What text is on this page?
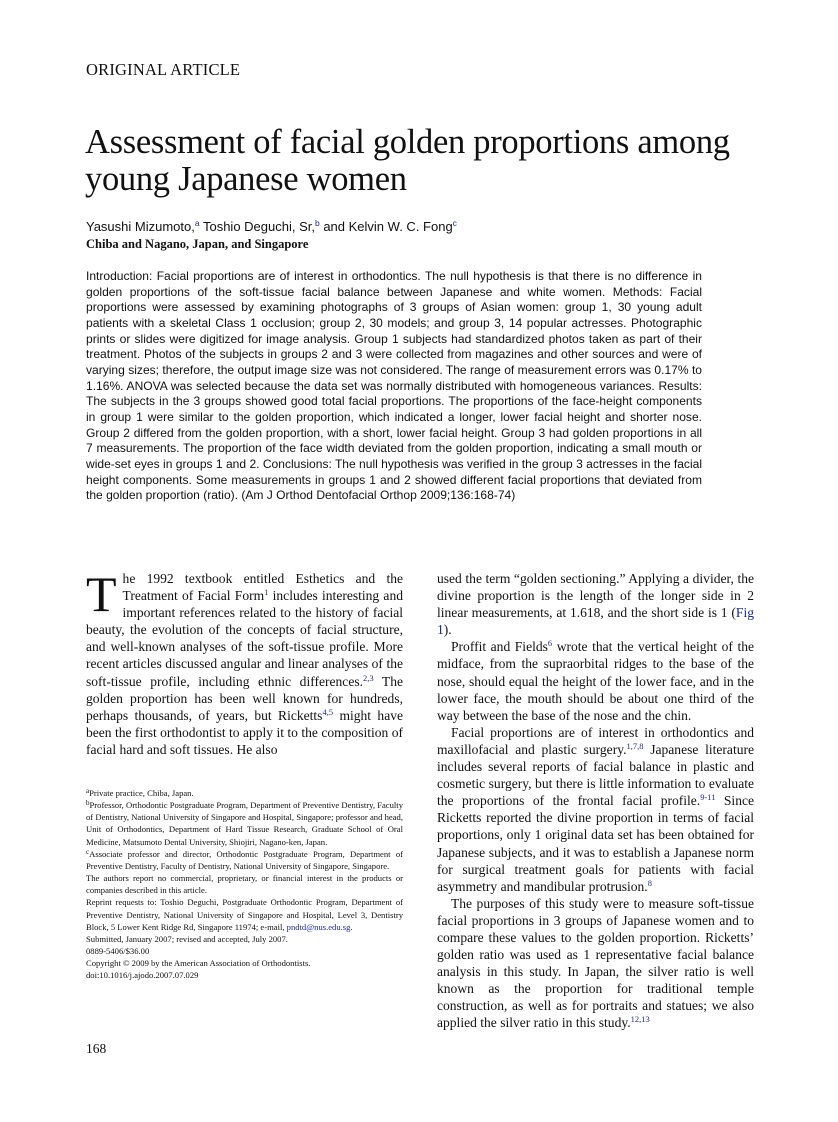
ORIGINAL ARTICLE
Assessment of facial golden proportions among young Japanese women
Yasushi Mizumoto,$^a$ Toshio Deguchi, Sr,$^b$ and Kelvin W. C. Fong$^c$
Chiba and Nagano, Japan, and Singapore

Introduction: Facial proportions are of interest in orthodontics. The null hypothesis is that there is no difference in golden proportions of the soft-tissue facial balance between Japanese and white women. Methods: Facial proportions were assessed by examining photographs of 3 groups of Asian women: group 1, 30 young adult patients with a skeletal Class 1 occlusion; group 2, 30 models; and group 3, 14 popular actresses. Photographic prints or slides were digitized for image analysis. Group 1 subjects had standardized photos taken as part of their treatment. Photos of the subjects in groups 2 and 3 were collected from magazines and other sources and were of varying sizes; therefore, the output image size was not considered. The range of measurement errors was 0.17% to 1.16%. ANOVA was selected because the data set was normally distributed with homogeneous variances. Results: The subjects in the 3 groups showed good total facial proportions. The proportions of the face-height components in group 1 were similar to the golden proportion, which indicated a longer, lower facial height and shorter nose. Group 2 differed from the golden proportion, with a short, lower facial height. Group 3 had golden proportions in all 7 measurements. The proportion of the face width deviated from the golden proportion, indicating a small mouth or wide-set eyes in groups 1 and 2. Conclusions: The null hypothesis was verified in the group 3 actresses in the facial height components. Some measurements in groups 1 and 2 showed different facial proportions that deviated from the golden proportion (ratio). (Am J Orthod Dentofacial Orthop 2009;136:168-74)

The 1992 textbook entitled Esthetics and the Treatment of Facial Form$^1$ includes interesting and important references related to the history of facial beauty, the evolution of the concepts of facial structure, and well-known analyses of the soft-tissue profile. More recent articles discussed angular and linear analyses of the soft-tissue profile, including ethnic differences.$^{2,3}$ The golden proportion has been well known for hundreds, perhaps thousands, of years, but Ricketts$^{4,5}$ might have been the first orthodontist to apply it to the composition of facial hard and soft tissues. He also

used the term “golden sectioning.” Applying a divider, the divine proportion is the length of the longer side in 2 linear measurements, at 1.618, and the short side is 1 (Fig 1).

Proffit and Fields$^6$ wrote that the vertical height of the midface, from the supraorbital ridges to the base of the nose, should equal the height of the lower face, and in the lower face, the mouth should be about one third of the way between the base of the nose and the chin.

Facial proportions are of interest in orthodontics and maxillofacial and plastic surgery.$^{1,7,8}$ Japanese literature includes several reports of facial balance in plastic and cosmetic surgery, but there is little information to evaluate the proportions of the frontal facial profile.$^{9-11}$ Since Ricketts reported the divine proportion in terms of facial proportions, only 1 original data set has been obtained for Japanese subjects, and it was to establish a Japanese norm for surgical treatment goals for patients with facial asymmetry and mandibular protrusion.$^8$

The purposes of this study were to measure soft-tissue facial proportions in 3 groups of Japanese women and to compare these values to the golden proportion. Ricketts’ golden ratio was used as 1 representative facial balance analysis in this study. In Japan, the silver ratio is well known as the proportion for traditional temple construction, as well as for portraits and statues; we also applied the silver ratio in this study.$^{12,13}$

$^a$Private practice, Chiba, Japan.

$^b$Professor, Orthodontic Postgraduate Program, Department of Preventive Dentistry, Faculty of Dentistry, National University of Singapore and Hospital, Singapore; professor and head, Unit of Orthodontics, Department of Hard Tissue Research, Graduate School of Oral Medicine, Matsumoto Dental University, Shiojiri, Nagano-ken, Japan.

$^c$Associate professor and director, Orthodontic Postgraduate Program, Department of Preventive Dentistry, Faculty of Dentistry, National University of Singapore, Singapore.

The authors report no commercial, proprietary, or financial interest in the products or companies described in this article.

Reprint requests to: Toshio Deguchi, Postgraduate Orthodontic Program, Department of Preventive Dentistry, National University of Singapore and Hospital, Level 3, Dentistry Block, 5 Lower Kent Ridge Rd, Singapore 11974; e-mail, pndtd@nus.edu.sg.

Submitted, January 2007; revised and accepted, July 2007.

0889-5406/$36.00

Copyright © 2009 by the American Association of Orthodontists.

doi:10.1016/j.ajodo.2007.07.029

168
